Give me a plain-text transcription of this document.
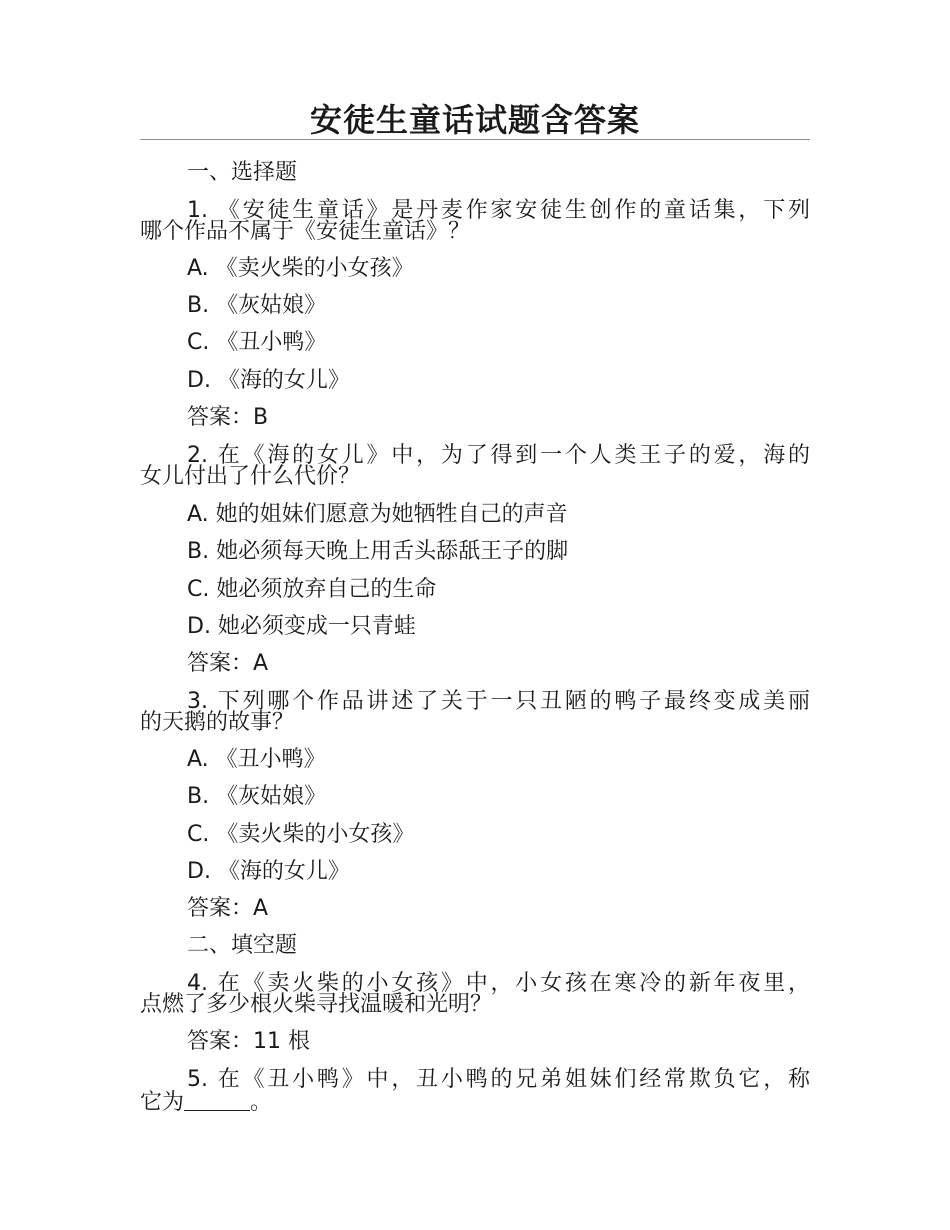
安徒生童话试题含答案
一、选择题
1. 《安徒生童话》是丹麦作家安徒生创作的童话集，下列
哪个作品不属于《安徒生童话》？
A. 《卖火柴的小女孩》
B. 《灰姑娘》
C. 《丑小鸭》
D. 《海的女儿》
答案：B
2. 在《海的女儿》中，为了得到一个人类王子的爱，海的
女儿付出了什么代价？
A. 她的姐妹们愿意为她牺牲自己的声音
B. 她必须每天晚上用舌头舔舐王子的脚
C. 她必须放弃自己的生命
D. 她必须变成一只青蛙
答案：A
3. 下列哪个作品讲述了关于一只丑陋的鸭子最终变成美丽
的天鹅的故事？
A. 《丑小鸭》
B. 《灰姑娘》
C. 《卖火柴的小女孩》
D. 《海的女儿》
答案：A
二、填空题
4. 在《卖火柴的小女孩》中，小女孩在寒冷的新年夜里，
点燃了多少根火柴寻找温暖和光明？
答案：11 根
5. 在《丑小鸭》中，丑小鸭的兄弟姐妹们经常欺负它，称
它为	。
